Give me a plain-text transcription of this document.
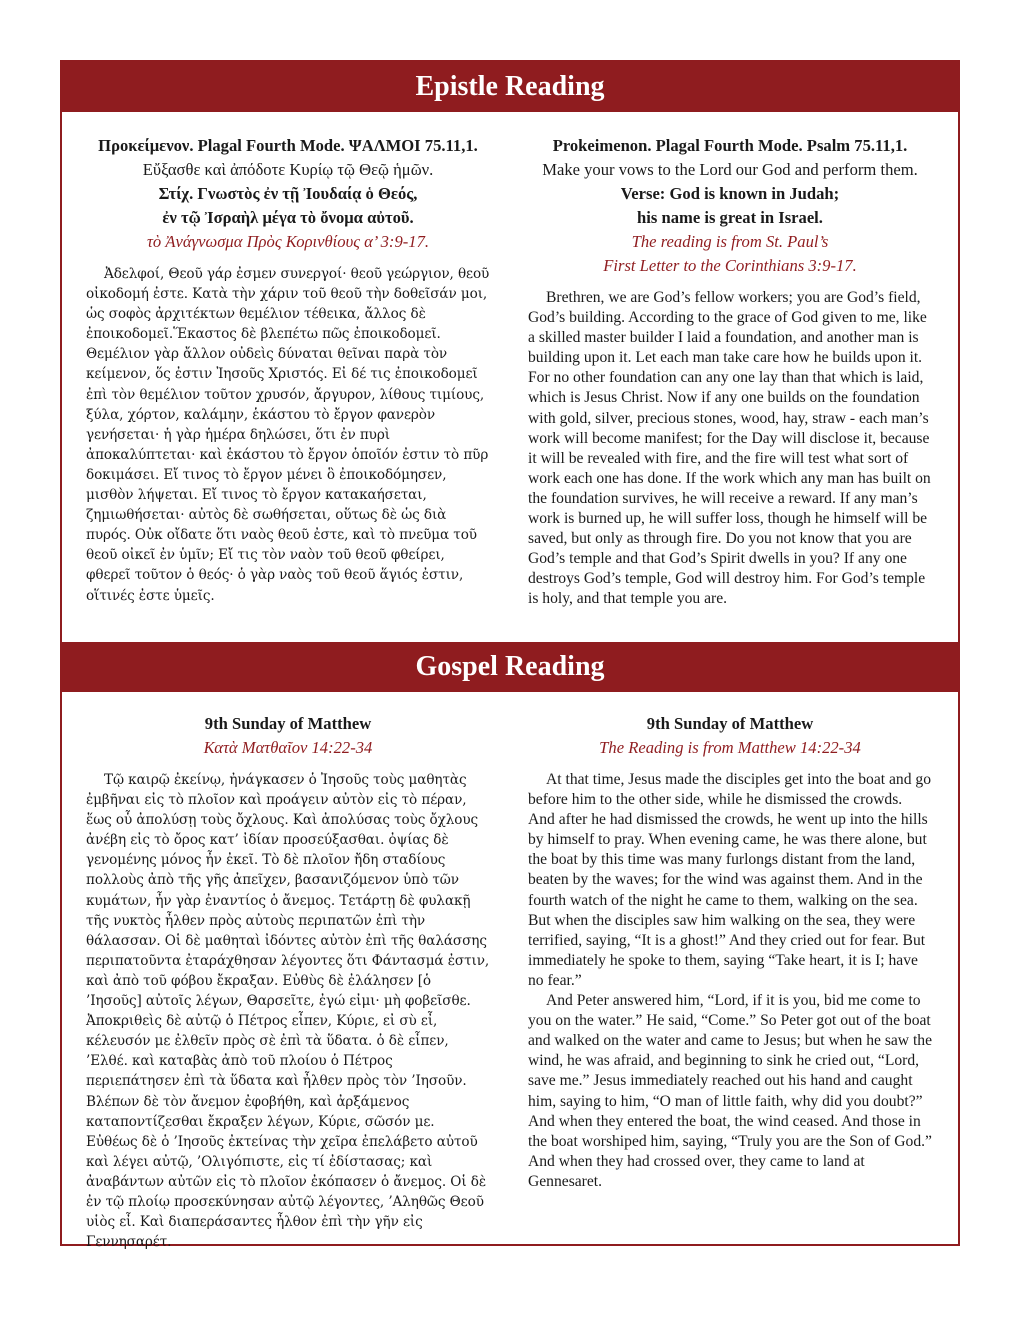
Epistle Reading
Προκείμενον. Plagal Fourth Mode. ΨΑΛΜΟΙ 75.11,1.
Εὔξασθε καὶ ἀπόδοτε Κυρίῳ τῷ Θεῷ ἡμῶν.
Στίχ. Γνωστὸς ἐν τῇ Ἰουδαίᾳ ὁ Θεός,
ἐν τῷ Ἰσραὴλ μέγα τὸ ὄνομα αὐτοῦ.
τὸ Ἀνάγνωσμα Πρὸς Κορινθίους α’ 3:9-17.

Ἀδελφοί, Θεοῦ γάρ ἐσμεν συνεργοί· θεοῦ γεώργιον, θεοῦ οἰκοδομή ἐστε. Κατὰ τὴν χάριν τοῦ θεοῦ τὴν δοθεῖσάν μοι, ὡς σοφὸς ἀρχιτέκτων θεμέλιον τέθεικα, ἄλλος δὲ ἐποικοδομεῖ.Ἕκαστος δὲ βλεπέτω πῶς ἐποικοδομεῖ. Θεμέλιον γὰρ ἄλλον οὐδεὶς δύναται θεῖναι παρὰ τὸν κείμενον, ὅς ἐστιν Ἰησοῦς Χριστός. Εἰ δέ τις ἐποικοδομεῖ ἐπὶ τὸν θεμέλιον τοῦτον χρυσόν, ἄργυρον, λίθους τιμίους, ξύλα, χόρτον, καλάμην, ἑκάστου τὸ ἔργον φανερὸν γενήσεται· ἡ γὰρ ἡμέρα δηλώσει, ὅτι ἐν πυρὶ ἀποκαλύπτεται· καὶ ἑκάστου τὸ ἔργον ὁποῖόν ἐστιν τὸ πῦρ δοκιμάσει. Εἴ τινος τὸ ἔργον μένει ὃ ἐποικοδόμησεν, μισθὸν λήψεται. Εἴ τινος τὸ ἔργον κατακαήσεται, ζημιωθήσεται· αὐτὸς δὲ σωθήσεται, οὕτως δὲ ὡς διὰ πυρός. Οὐκ οἴδατε ὅτι ναὸς θεοῦ ἐστε, καὶ τὸ πνεῦμα τοῦ θεοῦ οἰκεῖ ἐν ὑμῖν; Εἴ τις τὸν ναὸν τοῦ θεοῦ φθείρει, φθερεῖ τοῦτον ὁ θεός· ὁ γὰρ ναὸς τοῦ θεοῦ ἅγιός ἐστιν, οἵτινές ἐστε ὑμεῖς.

Prokeimenon. Plagal Fourth Mode. Psalm 75.11,1.
Make your vows to the Lord our God and perform them.
Verse: God is known in Judah;
his name is great in Israel.
The reading is from St. Paul’s
First Letter to the Corinthians 3:9-17.

Brethren, we are God’s fellow workers; you are God’s field, God’s building. According to the grace of God given to me, like a skilled master builder I laid a foundation, and another man is building upon it. Let each man take care how he builds upon it. For no other foundation can any one lay than that which is laid, which is Jesus Christ. Now if any one builds on the foundation with gold, silver, precious stones, wood, hay, straw - each man’s work will become manifest; for the Day will disclose it, because it will be revealed with fire, and the fire will test what sort of work each one has done. If the work which any man has built on the foundation survives, he will receive a reward. If any man’s work is burned up, he will suffer loss, though he himself will be saved, but only as through fire. Do you not know that you are God’s temple and that God’s Spirit dwells in you? If any one destroys God’s temple, God will destroy him. For God’s temple is holy, and that temple you are.

Gospel Reading
9th Sunday of Matthew
Κατὰ Ματθαῖον 14:22-34

Τῷ καιρῷ ἐκείνῳ, ἠνάγκασεν ὁ Ἰησοῦς τοὺς μαθητὰς ἐμβῆναι εἰς τὸ πλοῖον καὶ προάγειν αὐτὸν εἰς τὸ πέραν, ἕως οὗ ἀπολύσῃ τοὺς ὄχλους. Καὶ ἀπολύσας τοὺς ὄχλους ἀνέβη εἰς τὸ ὄρος κατ’ ἰδίαν προσεύξασθαι. ὀψίας δὲ γενομένης μόνος ἦν ἐκεῖ. Τὸ δὲ πλοῖον ἤδη σταδίους πολλοὺς ἀπὸ τῆς γῆς ἀπεῖχεν, βασανιζόμενον ὑπὸ τῶν κυμάτων, ἦν γὰρ ἐναντίος ὁ ἄνεμος. Τετάρτῃ δὲ φυλακῇ τῆς νυκτὸς ἦλθεν πρὸς αὐτοὺς περιπατῶν ἐπὶ τὴν θάλασσαν. Οἱ δὲ μαθηταὶ ἰδόντες αὐτὸν ἐπὶ τῆς θαλάσσης περιπατοῦντα ἐταράχθησαν λέγοντες ὅτι Φάντασμά ἐστιν, καὶ ἀπὸ τοῦ φόβου ἔκραξαν. Εὐθὺς δὲ ἐλάλησεν [ὁ ’Ιησοῦς] αὐτοῖς λέγων, Θαρσεῖτε, ἐγώ εἰμι· μὴ φοβεῖσθε. Ἀποκριθεὶς δὲ αὐτῷ ὁ Πέτρος εἶπεν, Κύριε, εἰ σὺ εἶ, κέλευσόν με ἐλθεῖν πρὸς σὲ ἐπὶ τὰ ὕδατα. ὁ δὲ εἶπεν, ’Ελθέ. καὶ καταβὰς ἀπὸ τοῦ πλοίου ὁ Πέτρος περιεπάτησεν ἐπὶ τὰ ὕδατα καὶ ἦλθεν πρὸς τὸν ’Ιησοῦν. Βλέπων δὲ τὸν ἄνεμον ἐφοβήθη, καὶ ἀρξάμενος καταποντίζεσθαι ἔκραξεν λέγων, Κύριε, σῶσόν με. Εὐθέως δὲ ὁ ’Ιησοῦς ἐκτείνας τὴν χεῖρα ἐπελάβετο αὐτοῦ καὶ λέγει αὐτῷ, ’Ολιγόπιστε, εἰς τί ἐδίστασας; καὶ ἀναβάντων αὐτῶν εἰς τὸ πλοῖον ἐκόπασεν ὁ ἄνεμος. Οἱ δὲ ἐν τῷ πλοίῳ προσεκύνησαν αὐτῷ λέγοντες, ’Αληθῶς Θεοῦ υἱὸς εἶ. Καὶ διαπεράσαντες ἦλθον ἐπὶ τὴν γῆν εἰς Γεννησαρέτ.

9th Sunday of Matthew
The Reading is from Matthew 14:22-34

At that time, Jesus made the disciples get into the boat and go before him to the other side, while he dismissed the crowds. And after he had dismissed the crowds, he went up into the hills by himself to pray. When evening came, he was there alone, but the boat by this time was many furlongs distant from the land, beaten by the waves; for the wind was against them. And in the fourth watch of the night he came to them, walking on the sea. But when the disciples saw him walking on the sea, they were terrified, saying, “It is a ghost!” And they cried out for fear. But immediately he spoke to them, saying “Take heart, it is I; have no fear.”

And Peter answered him, “Lord, if it is you, bid me come to you on the water.” He said, “Come.” So Peter got out of the boat and walked on the water and came to Jesus; but when he saw the wind, he was afraid, and beginning to sink he cried out, “Lord, save me.” Jesus immediately reached out his hand and caught him, saying to him, “O man of little faith, why did you doubt?” And when they entered the boat, the wind ceased. And those in the boat worshiped him, saying, “Truly you are the Son of God.” And when they had crossed over, they came to land at Gennesaret.
